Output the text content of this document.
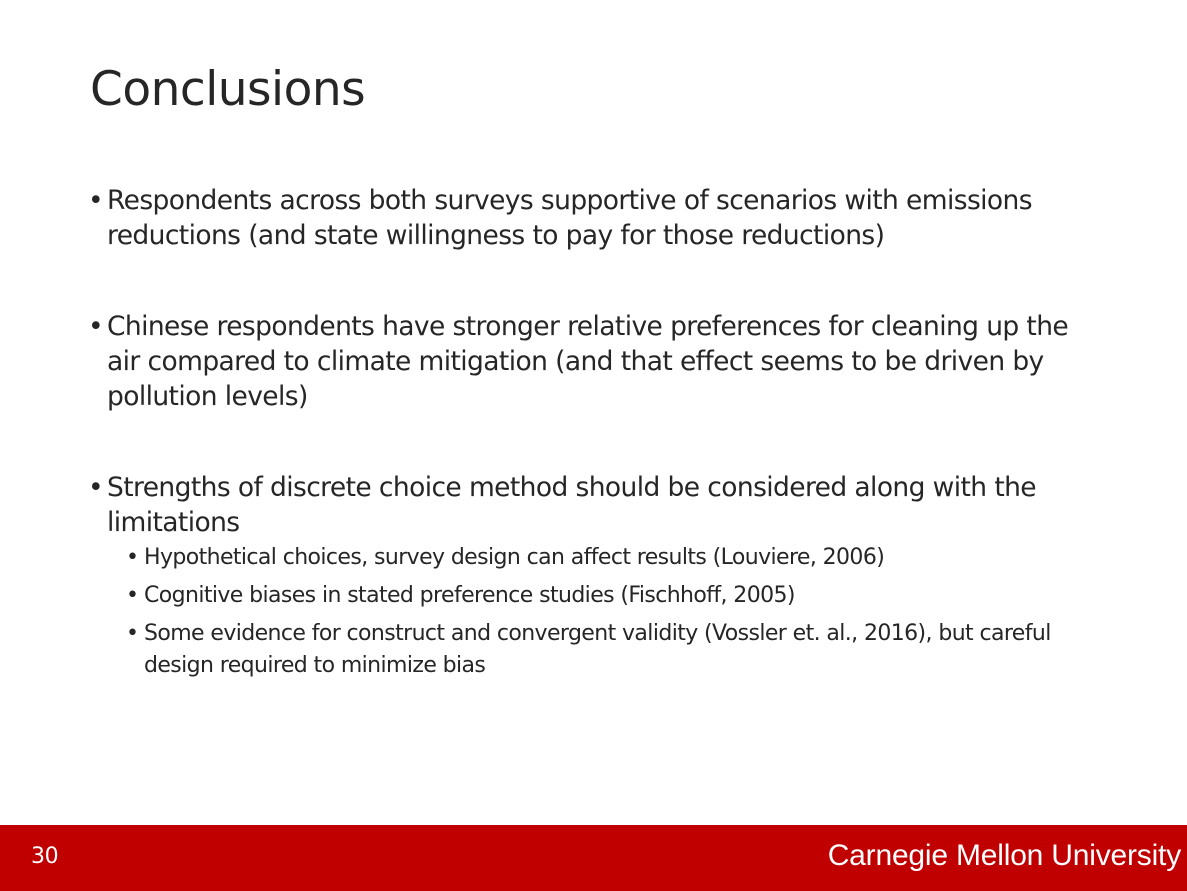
Conclusions
• Respondents across both surveys supportive of scenarios with emissions reductions (and state willingness to pay for those reductions)
• Chinese respondents have stronger relative preferences for cleaning up the air compared to climate mitigation (and that effect seems to be driven by pollution levels)
• Strengths of discrete choice method should be considered along with the limitations
• Hypothetical choices, survey design can affect results (Louviere, 2006)
• Cognitive biases in stated preference studies (Fischhoff, 2005)
• Some evidence for construct and convergent validity (Vossler et. al., 2016), but careful design required to minimize bias
30	Carnegie Mellon University
